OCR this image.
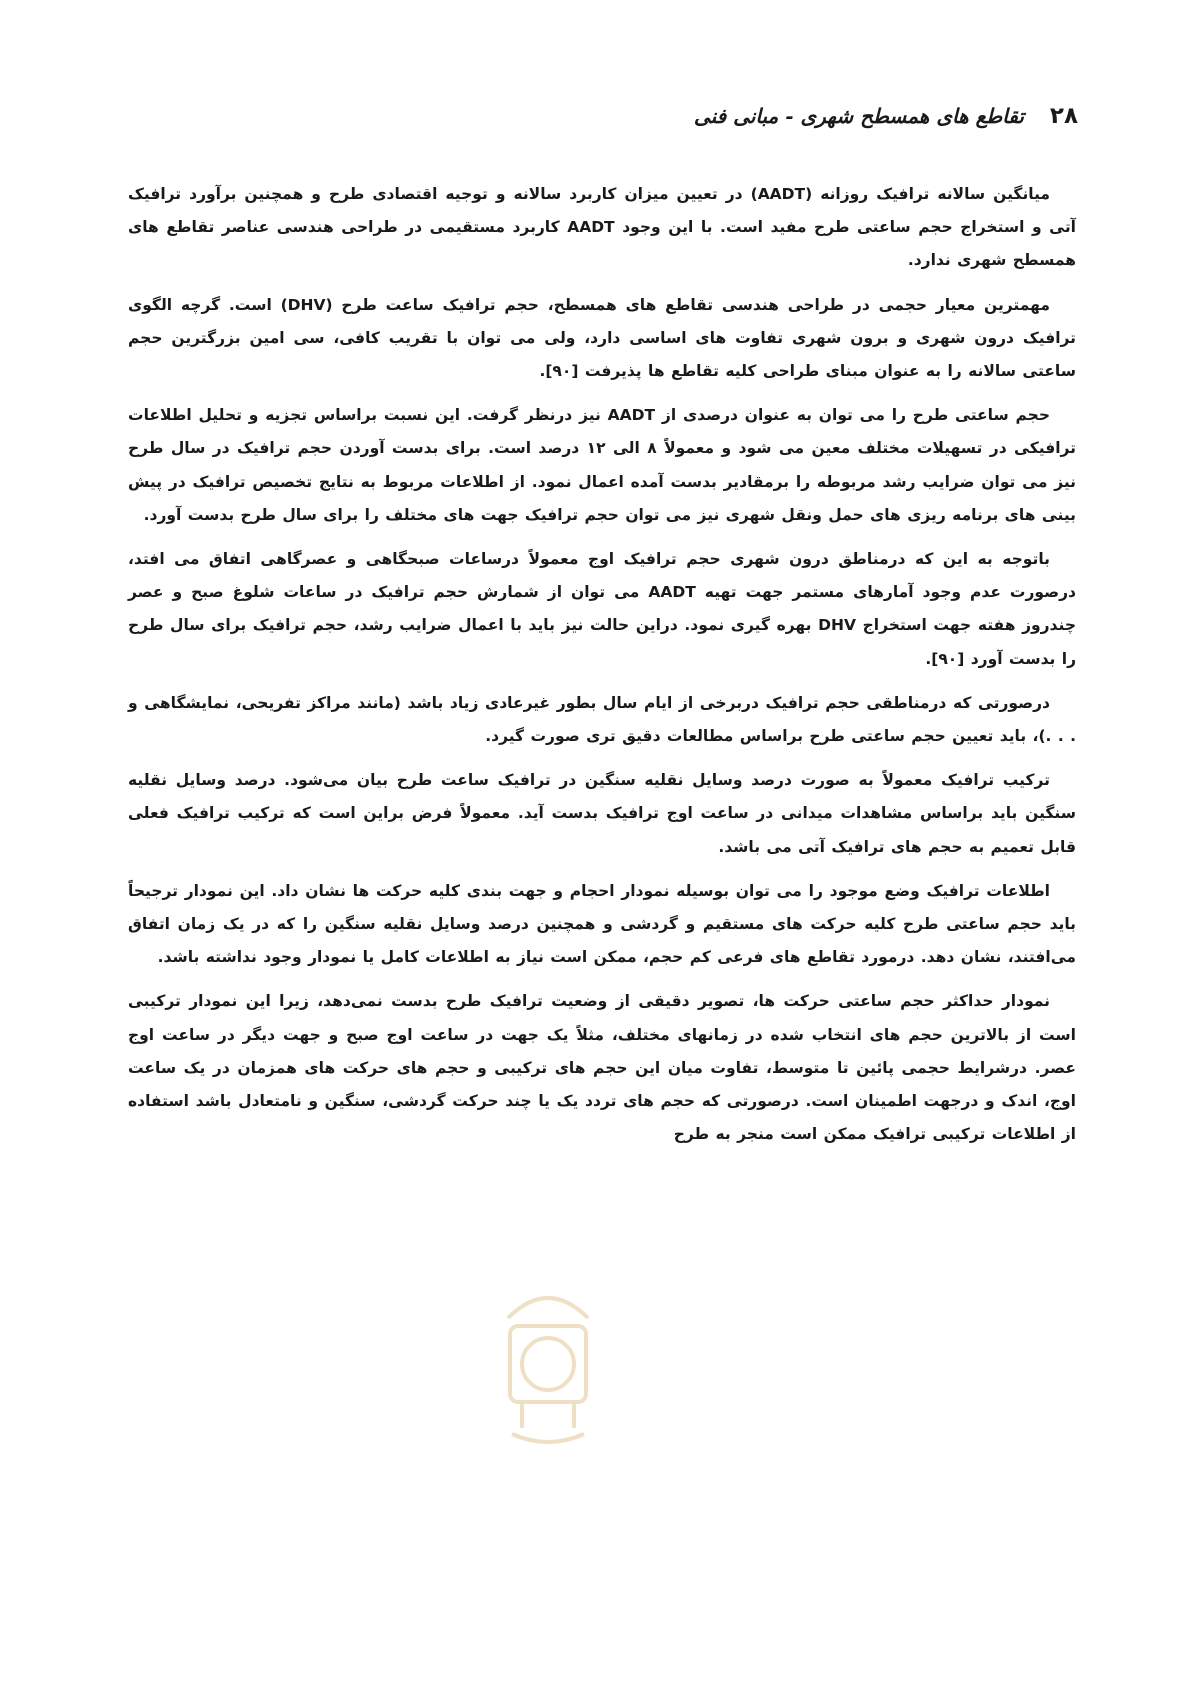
۲۸
تقاطع های همسطح شهری - مبانی فنی

میانگین سالانه ترافیک روزانه (AADT) در تعیین میزان کاربرد سالانه و توجیه اقتصادی طرح و همچنین برآورد ترافیک آتی و استخراج حجم ساعتی طرح مفید است. با این وجود AADT کاربرد مستقیمی در طراحی هندسی عناصر تقاطع های همسطح شهری ندارد.

مهمترین معیار حجمی در طراحی هندسی تقاطع های همسطح، حجم ترافیک ساعت طرح (DHV) است. گرچه الگوی ترافیک درون شهری و برون شهری تفاوت های اساسی دارد، ولی می توان با تقریب کافی، سی امین بزرگترین حجم ساعتی سالانه را به عنوان مبنای طراحی کلیه تقاطع ها پذیرفت [۹۰].

حجم ساعتی طرح را می توان به عنوان درصدی از AADT نیز درنظر گرفت. این نسبت براساس تجزیه و تحلیل اطلاعات ترافیکی در تسهیلات مختلف معین می شود و معمولاً ۸ الی ۱۲ درصد است. برای بدست آوردن حجم ترافیک در سال طرح نیز می توان ضرایب رشد مربوطه را برمقادیر بدست آمده اعمال نمود. از اطلاعات مربوط به نتایج تخصیص ترافیک در پیش بینی های برنامه ریزی های حمل ونقل شهری نیز می توان حجم ترافیک جهت های مختلف را برای سال طرح بدست آورد.

باتوجه به این که درمناطق درون شهری حجم ترافیک اوج معمولاً درساعات صبحگاهی و عصرگاهی اتفاق می افتد، درصورت عدم وجود آمارهای مستمر جهت تهیه AADT می توان از شمارش حجم ترافیک در ساعات شلوغ صبح و عصر چندروز هفته جهت استخراج DHV بهره گیری نمود. دراین حالت نیز باید با اعمال ضرایب رشد، حجم ترافیک برای سال طرح را بدست آورد [۹۰].

درصورتی که درمناطقی حجم ترافیک دربرخی از ایام سال بطور غیرعادی زیاد باشد (مانند مراکز تفریحی، نمایشگاهی و . . .)، باید تعیین حجم ساعتی طرح براساس مطالعات دقیق تری صورت گیرد.

ترکیب ترافیک معمولاً به صورت درصد وسایل نقلیه سنگین در ترافیک ساعت طرح بیان می‌شود. درصد وسایل نقلیه سنگین باید براساس مشاهدات میدانی در ساعت اوج ترافیک بدست آید. معمولاً فرض براین است که ترکیب ترافیک فعلی قابل تعمیم به حجم های ترافیک آتی می باشد.

اطلاعات ترافیک وضع موجود را می توان بوسیله نمودار احجام و جهت بندی کلیه حرکت ها نشان داد. این نمودار ترجیحاً باید حجم ساعتی طرح کلیه حرکت های مستقیم و گردشی و همچنین درصد وسایل نقلیه سنگین را که در یک زمان اتفاق می‌افتند، نشان دهد. درمورد تقاطع های فرعی کم حجم، ممکن است نیاز به اطلاعات کامل یا نمودار وجود نداشته باشد.

نمودار حداکثر حجم ساعتی حرکت ها، تصویر دقیقی از وضعیت ترافیک طرح بدست نمی‌دهد، زیرا این نمودار ترکیبی است از بالاترین حجم های انتخاب شده در زمانهای مختلف، مثلاً یک جهت در ساعت اوج صبح و جهت دیگر در ساعت اوج عصر. درشرایط حجمی پائین تا متوسط، تفاوت میان این حجم های ترکیبی و حجم های حرکت های همزمان در یک ساعت اوج، اندک و درجهت اطمینان است. درصورتی که حجم های تردد یک یا چند حرکت گردشی، سنگین و نامتعادل باشد استفاده از اطلاعات ترکیبی ترافیک ممکن است منجر به طرح
